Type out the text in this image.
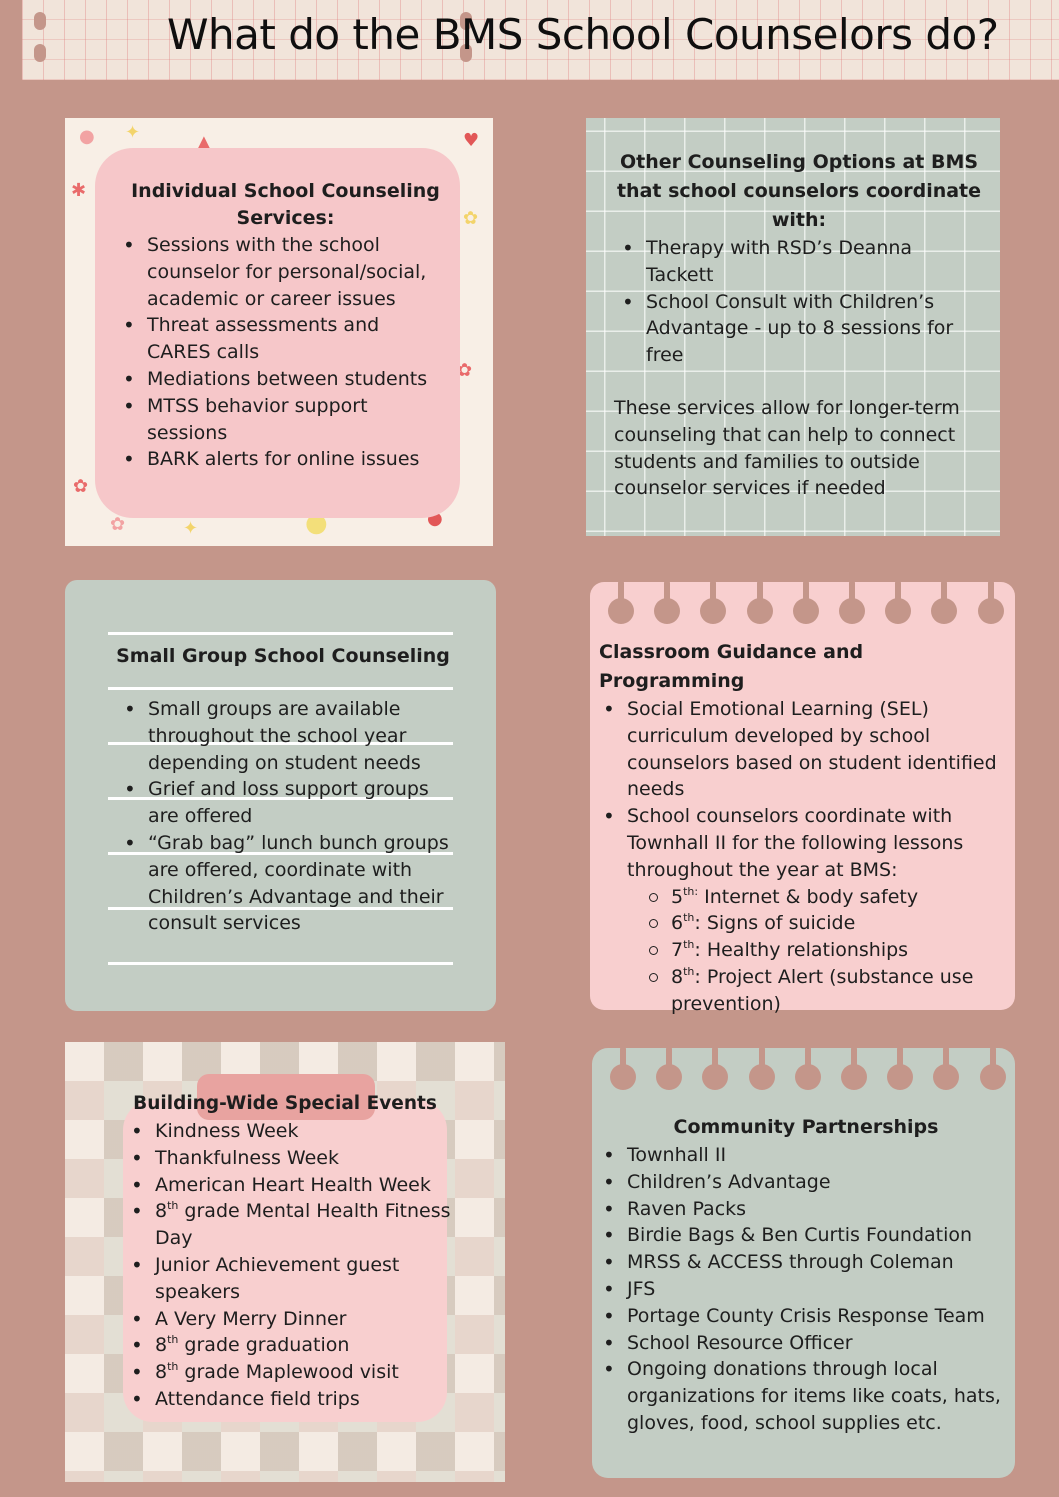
What do the BMS School Counselors do?
● ✦	▲	♥
✱
✿
✿
✿
✿	✦	●	●

Individual School Counseling Services:

• Sessions with the school counselor for personal/social, academic or career issues
• Threat assessments and CARES calls
• Mediations between students
• MTSS behavior support sessions
• BARK alerts for online issues

Other Counseling Options at BMS that school counselors coordinate with:

• Therapy with RSD’s Deanna Tackett
• School Consult with Children’s Advantage - up to 8 sessions for free

These services allow for longer-term counseling that can help to connect students and families to outside counselor services if needed

Small Group School Counseling

• Small groups are available throughout the school year depending on student needs
• Grief and loss support groups are offered
• “Grab bag” lunch bunch groups are offered, coordinate with Children’s Advantage and their consult services

Classroom Guidance and Programming

• Social Emotional Learning (SEL) curriculum developed by school counselors based on student identified needs
• School counselors coordinate with Townhall II for the following lessons throughout the year at BMS:
$5^{th:}$ Internet & body safety
6th: Signs of suicide
7th: Healthy relationships
8th: Project Alert (substance use prevention)

Building-Wide Special Events

• Kindness Week
• Thankfulness Week
• American Heart Health Week
• 8th grade Mental Health Fitness Day
• Junior Achievement guest speakers
• A Very Merry Dinner
• 8th grade graduation
• 8th grade Maplewood visit
• Attendance field trips

Community Partnerships

• Townhall II
• Children’s Advantage
• Raven Packs
• Birdie Bags & Ben Curtis Foundation
• MRSS & ACCESS through Coleman
• JFS
• Portage County Crisis Response Team
• School Resource Officer
• Ongoing donations through local organizations for items like coats, hats, gloves, food, school supplies etc.
